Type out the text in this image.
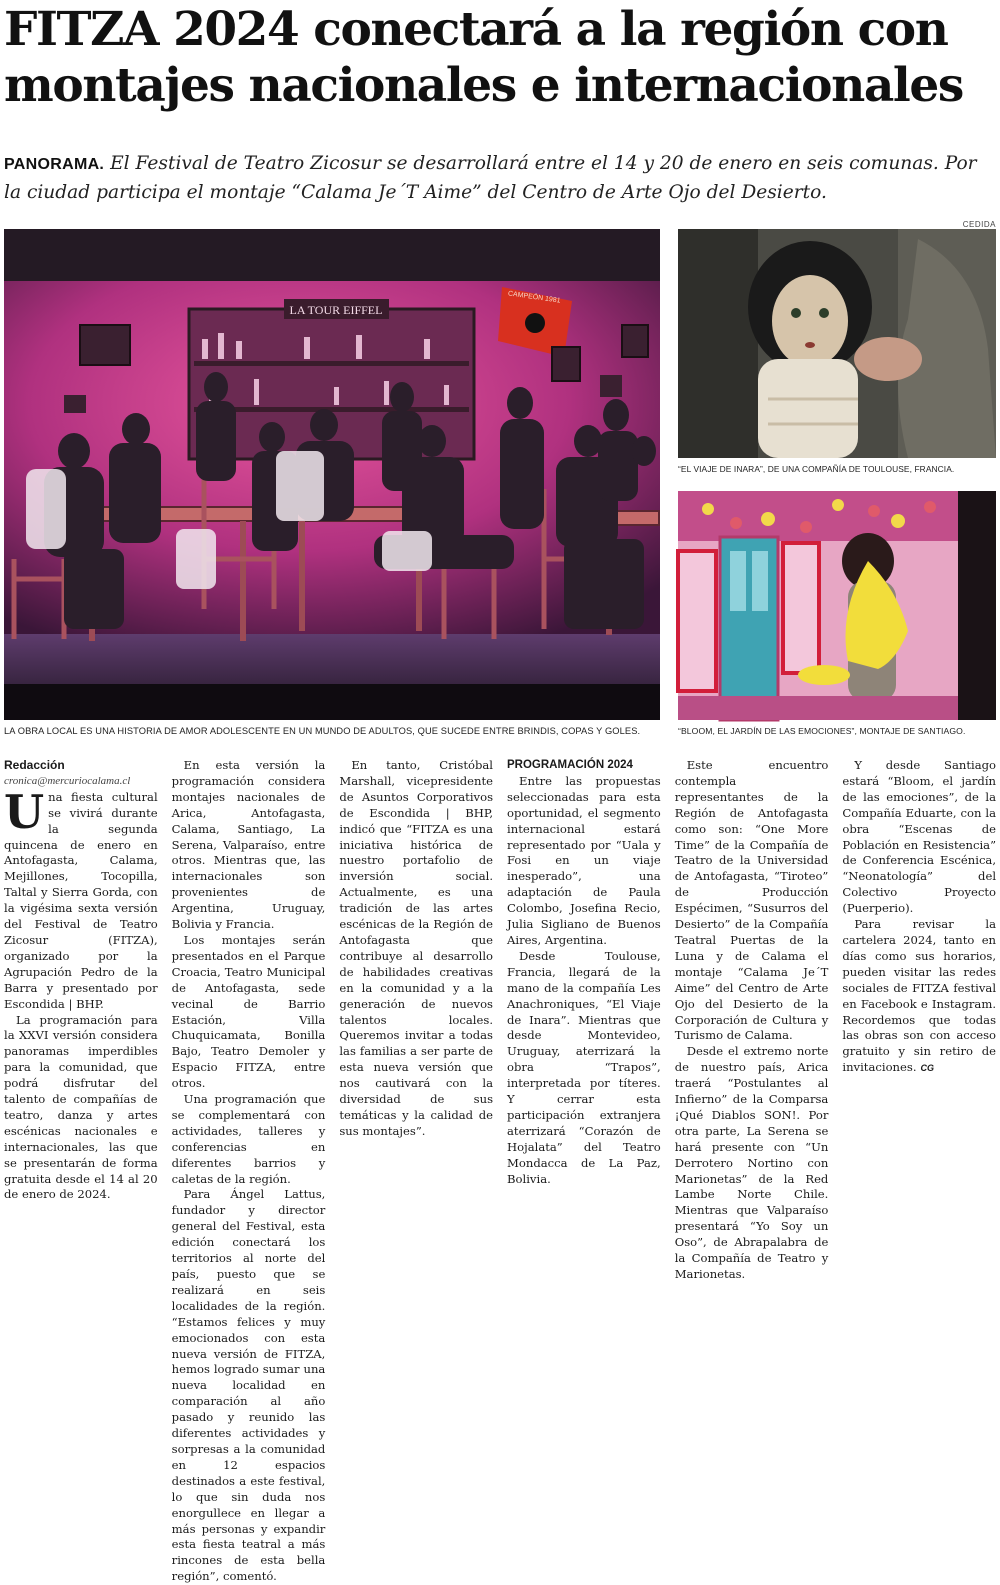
FITZA 2024 conectará a la región con montajes nacionales e internacionales

PANORAMA. El Festival de Teatro Zicosur se desarrollará entre el 14 y 20 de enero en seis comunas. Por la ciudad participa el montaje “Calama Je´T Aime” del Centro de Arte Ojo del Desierto.

CEDIDA
LA TOUR EIFFEL
CAMPEÓN 1981
LA OBRA LOCAL ES UNA HISTORIA DE AMOR ADOLESCENTE EN UN MUNDO DE ADULTOS, QUE SUCEDE ENTRE BRINDIS, COPAS Y GOLES.
“EL VIAJE DE INARA”, DE UNA COMPAÑÍA DE TOULOUSE, FRANCIA.
“BLOOM, EL JARDÍN DE LAS EMOCIONES”, MONTAJE DE SANTIAGO.

Redacción

cronica@mercuriocalama.cl

Una fiesta cultural se vivirá durante la segunda quincena de enero en Antofagasta, Calama, Mejillones, Tocopilla, Taltal y Sierra Gorda, con la vigésima sexta versión del Festival de Teatro Zicosur (FITZA), organizado por la Agrupación Pedro de la Barra y presentado por Escondida | BHP.

La programación para la XXVI versión considera panoramas imperdibles para la comunidad, que podrá disfrutar del talento de compañías de teatro, danza y artes escénicas nacionales e internacionales, las que se presentarán de forma gratuita desde el 14 al 20 de enero de 2024.

En esta versión la programación considera montajes nacionales de Arica, Antofagasta, Calama, Santiago, La Serena, Valparaíso, entre otros. Mientras que, las internacionales son provenientes de Argentina, Uruguay, Bolivia y Francia.

Los montajes serán presentados en el Parque Croacia, Teatro Municipal de Antofagasta, sede vecinal de Barrio Estación, Villa Chuquicamata, Bonilla Bajo, Teatro Demoler y Espacio FITZA, entre otros.

Una programación que se complementará con actividades, talleres y conferencias en diferentes barrios y caletas de la región.

Para Ángel Lattus, fundador y director general del Festival, esta edición conectará los territorios al norte del país, puesto que se realizará en seis localidades de la región. “Estamos felices y muy emocionados con esta nueva versión de FITZA, hemos logrado sumar una nueva localidad en comparación al año pasado y reunido las diferentes actividades y sorpresas a la comunidad en 12 espacios destinados a este festival, lo que sin duda nos enorgullece en llegar a más personas y expandir esta fiesta teatral a más rincones de esta bella región”, comentó.

En tanto, Cristóbal Marshall, vicepresidente de Asuntos Corporativos de Escondida | BHP, indicó que “FITZA es una iniciativa histórica de nuestro portafolio de inversión social. Actualmente, es una tradición de las artes escénicas de la Región de Antofagasta que contribuye al desarrollo de habilidades creativas en la comunidad y a la generación de nuevos talentos locales. Queremos invitar a todas las familias a ser parte de esta nueva versión que nos cautivará con la diversidad de sus temáticas y la calidad de sus montajes”.

PROGRAMACIÓN 2024

Entre las propuestas seleccionadas para esta oportunidad, el segmento internacional estará representado por “Uala y Fosi en un viaje inesperado”, una adaptación de Paula Colombo, Josefina Recio, Julia Sigliano de Buenos Aires, Argentina.

Desde Toulouse, Francia, llegará de la mano de la compañía Les Anachroniques, “El Viaje de Inara”. Mientras que desde Montevideo, Uruguay, aterrizará la obra “Trapos”, interpretada por títeres. Y cerrar esta participación extranjera aterrizará “Corazón de Hojalata” del Teatro Mondacca de La Paz, Bolivia.

Este encuentro contempla representantes de la Región de Antofagasta como son: “One More Time” de la Compañía de Teatro de la Universidad de Antofagasta, “Tiroteo” de Producción Espécimen, “Susurros del Desierto” de la Compañía Teatral Puertas de la Luna y de Calama el montaje “Calama Je´T Aime” del Centro de Arte Ojo del Desierto de la Corporación de Cultura y Turismo de Calama.

Desde el extremo norte de nuestro país, Arica traerá “Postulantes al Infierno” de la Comparsa ¡Qué Diablos SON!. Por otra parte, La Serena se hará presente con “Un Derrotero Nortino con Marionetas” de la Red Lambe Norte Chile. Mientras que Valparaíso presentará “Yo Soy un Oso”, de Abrapalabra de la Compañía de Teatro y Marionetas.

Y desde Santiago estará “Bloom, el jardín de las emociones”, de la Compañía Eduarte, con la obra “Escenas de Población en Resistencia” de Conferencia Escénica, “Neonatología” del Colectivo Proyecto (Puerperio).

Para revisar la cartelera 2024, tanto en días como sus horarios, pueden visitar las redes sociales de FITZA festival en Facebook e Instagram. Recordemos que todas las obras son con acceso gratuito y sin retiro de invitaciones. CG
